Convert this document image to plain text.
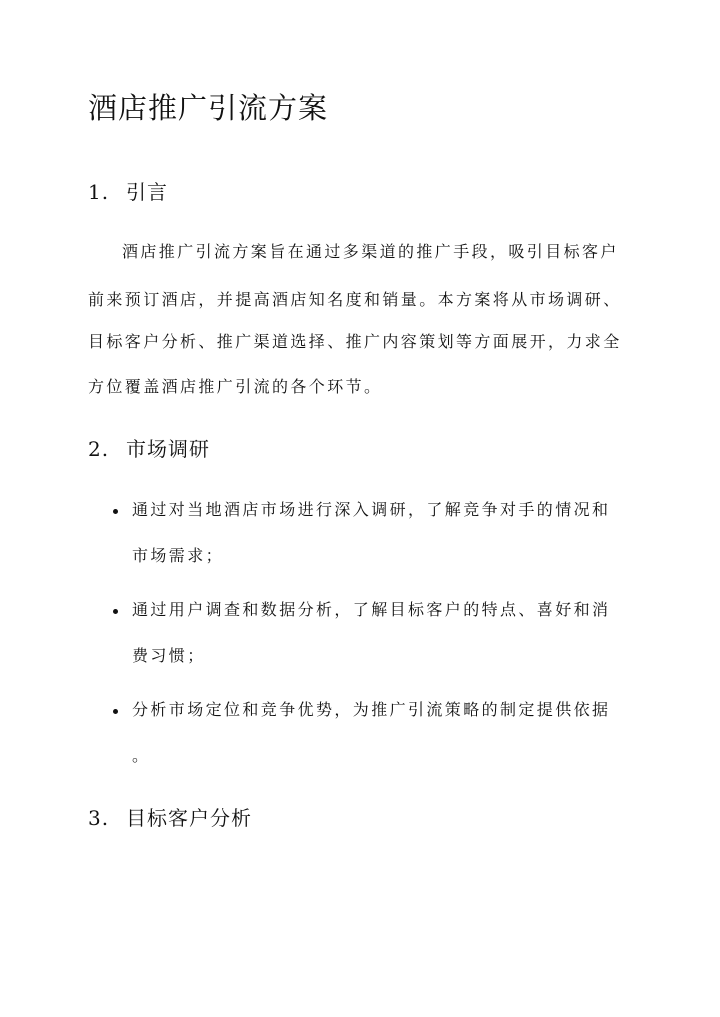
酒店推广引流方案
1. 引言

酒店推广引流方案旨在通过多渠道的推广手段，吸引目标客户

前来预订酒店，并提高酒店知名度和销量。本方案将从市场调研、

目标客户分析、推广渠道选择、推广内容策划等方面展开，力求全

方位覆盖酒店推广引流的各个环节。

2. 市场调研

通过对当地酒店市场进行深入调研，了解竞争对手的情况和

市场需求；

通过用户调查和数据分析，了解目标客户的特点、喜好和消

费习惯；

分析市场定位和竞争优势，为推广引流策略的制定提供依据

。

3. 目标客户分析
